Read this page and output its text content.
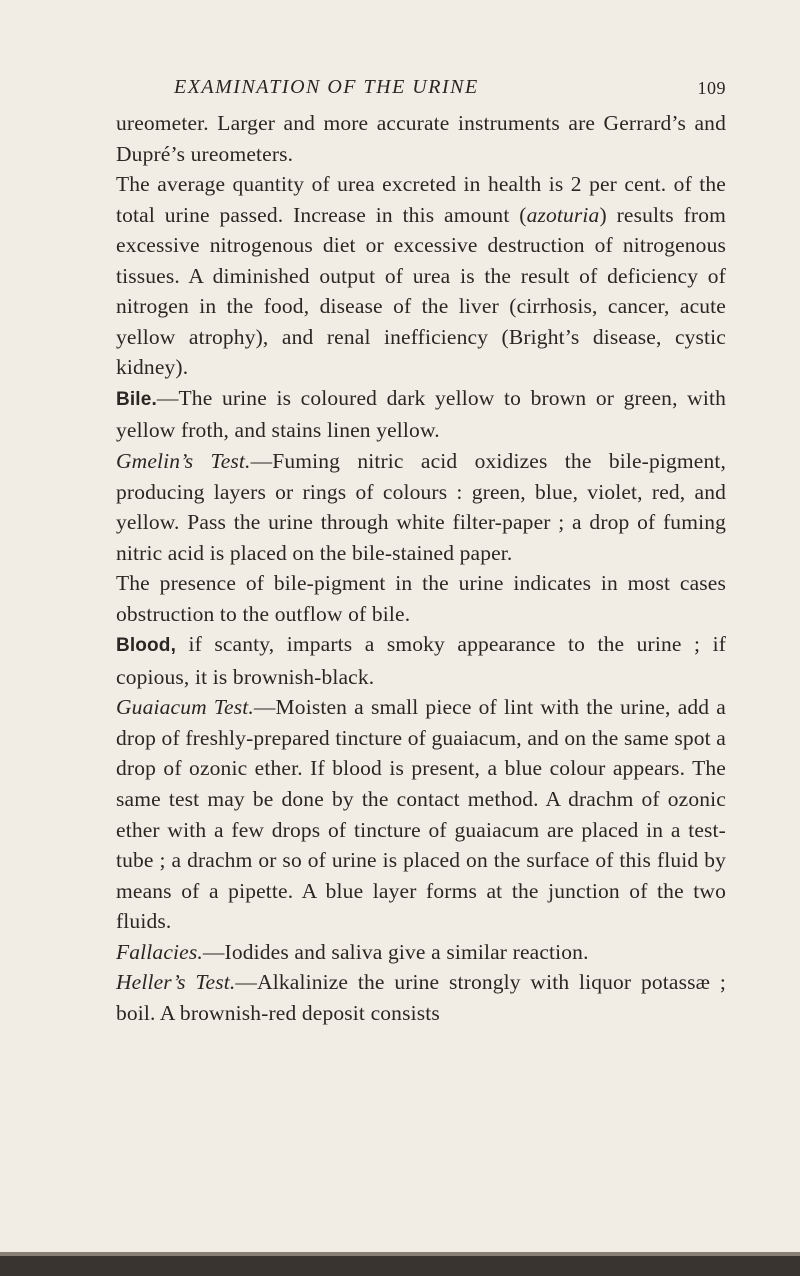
EXAMINATION OF THE URINE	109

ureometer. Larger and more accurate instruments are Gerrard’s and Dupré’s ureometers.

The average quantity of urea excreted in health is 2 per cent. of the total urine passed. Increase in this amount (azoturia) results from excessive nitrogenous diet or excessive destruction of nitrogenous tissues. A diminished output of urea is the result of deficiency of nitrogen in the food, disease of the liver (cirrhosis, cancer, acute yellow atrophy), and renal inefficiency (Bright’s disease, cystic kidney).

Bile.—The urine is coloured dark yellow to brown or green, with yellow froth, and stains linen yellow.

Gmelin’s Test.—Fuming nitric acid oxidizes the bile-pigment, producing layers or rings of colours : green, blue, violet, red, and yellow. Pass the urine through white filter-paper ; a drop of fuming nitric acid is placed on the bile-stained paper.

The presence of bile-pigment in the urine indicates in most cases obstruction to the outflow of bile.

Blood, if scanty, imparts a smoky appearance to the urine ; if copious, it is brownish-black.

Guaiacum Test.—Moisten a small piece of lint with the urine, add a drop of freshly-prepared tincture of guaiacum, and on the same spot a drop of ozonic ether. If blood is present, a blue colour appears. The same test may be done by the contact method. A drachm of ozonic ether with a few drops of tincture of guaiacum are placed in a test-tube ; a drachm or so of urine is placed on the surface of this fluid by means of a pipette. A blue layer forms at the junction of the two fluids.

Fallacies.—Iodides and saliva give a similar reaction.

Heller’s Test.—Alkalinize the urine strongly with liquor potassæ ; boil. A brownish-red deposit consists
